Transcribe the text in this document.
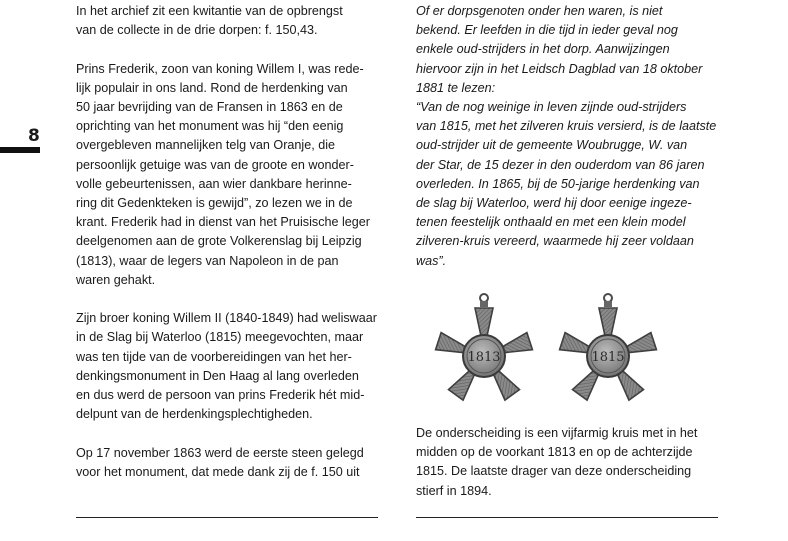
8

In het archief zit een kwitantie van de opbrengst
van de collecte in de drie dorpen: f. 150,43.

Prins Frederik, zoon van koning Willem I, was rede-
lijk populair in ons land. Rond de herdenking van
50 jaar bevrijding van de Fransen in 1863 en de
oprichting van het monument was hij “den eenig
overgebleven mannelijken telg van Oranje, die
persoonlijk getuige was van de groote en wonder-
volle gebeurtenissen, aan wier dankbare herinne-
ring dit Gedenkteken is gewijd”, zo lezen we in de
krant. Frederik had in dienst van het Pruisische leger
deelgenomen aan de grote Volkerenslag bij Leipzig
(1813), waar de legers van Napoleon in de pan
waren gehakt.

Zijn broer koning Willem II (1840-1849) had weliswaar
in de Slag bij Waterloo (1815) meegevochten, maar
was ten tijde van de voorbereidingen van het her-
denkingsmonument in Den Haag al lang overleden
en dus werd de persoon van prins Frederik hét mid-
delpunt van de herdenkingsplechtigheden.

Op 17 november 1863 werd de eerste steen gelegd
voor het monument, dat mede dank zij de f. 150 uit

Of er dorpsgenoten onder hen waren, is niet
bekend. Er leefden in die tijd in ieder geval nog
enkele oud-strijders in het dorp. Aanwijzingen
hiervoor zijn in het Leidsch Dagblad van 18 oktober
1881 te lezen:
“Van de nog weinige in leven zijnde oud-strijders
van 1815, met het zilveren kruis versierd, is de laatste
oud-strijder uit de gemeente Woubrugge, W. van
der Star, de 15 dezer in den ouderdom van 86 jaren
overleden. In 1865, bij de 50-jarige herdenking van
de slag bij Waterloo, werd hij door eenige ingeze-
tenen feestelijk onthaald en met een klein model
zilveren-kruis vereerd, waarmede hij zeer voldaan
was”.

1813	1815

De onderscheiding is een vijfarmig kruis met in het
midden op de voorkant 1813 en op de achterzijde
1815. De laatste drager van deze onderscheiding
stierf in 1894.
